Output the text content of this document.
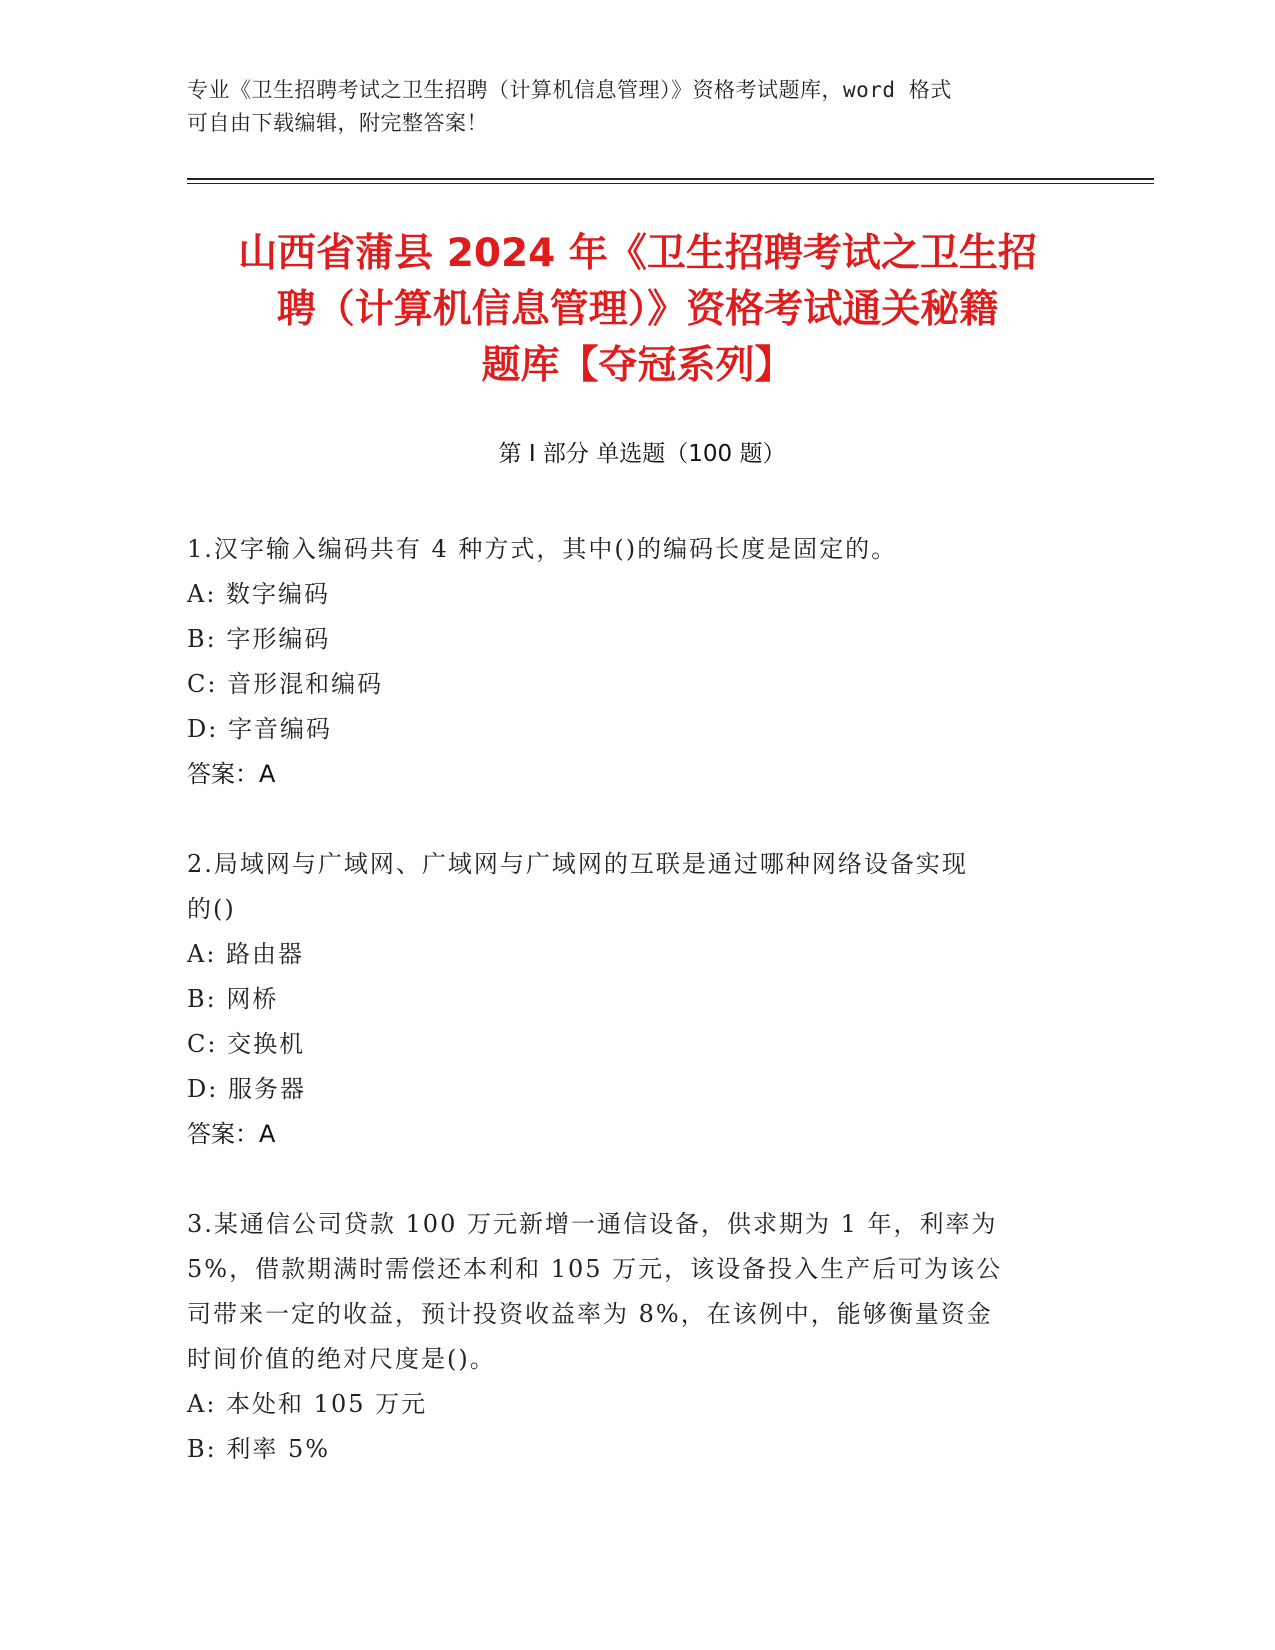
专业《卫生招聘考试之卫生招聘（计算机信息管理）》资格考试题库，word 格式
可自由下载编辑，附完整答案！
山西省蒲县 2024 年《卫生招聘考试之卫生招
聘（计算机信息管理）》资格考试通关秘籍
题库【夺冠系列】
第 I 部分 单选题（100 题）
1.汉字输入编码共有 4 种方式，其中()的编码长度是固定的。
A: 数字编码
B: 字形编码
C: 音形混和编码
D: 字音编码
答案：A
2.局域网与广域网、广域网与广域网的互联是通过哪种网络设备实现
的()
A: 路由器
B: 网桥
C: 交换机
D: 服务器
答案：A
3.某通信公司贷款 100 万元新增一通信设备，供求期为 1 年，利率为
5%，借款期满时需偿还本利和 105 万元，该设备投入生产后可为该公
司带来一定的收益，预计投资收益率为 8%，在该例中，能够衡量资金
时间价值的绝对尺度是()。
A: 本处和 105 万元
B: 利率 5%
